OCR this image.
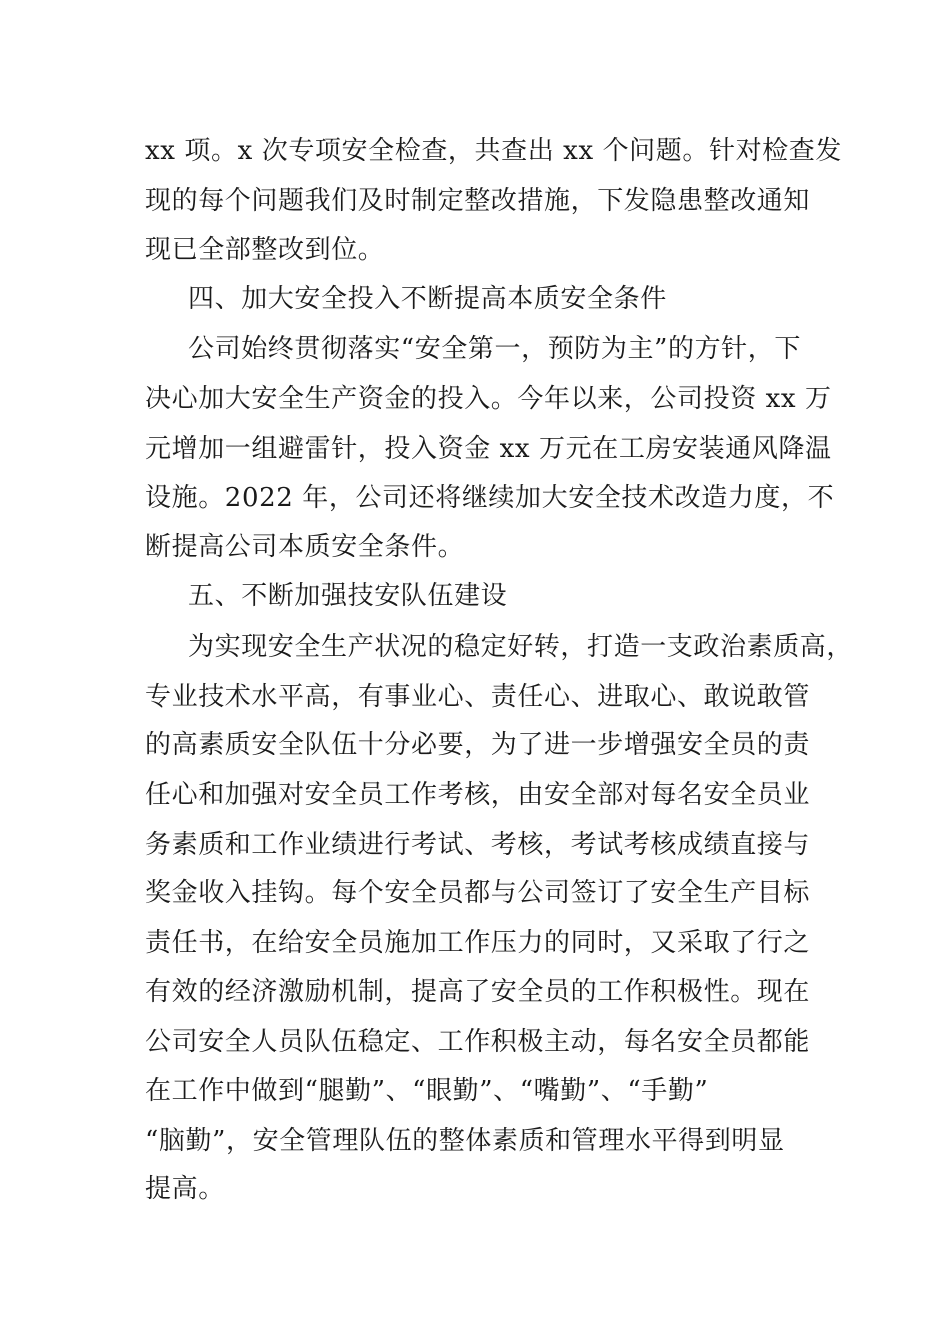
xx 项。x 次专项安全检查，共查出 xx 个问题。针对检查发
现的每个问题我们及时制定整改措施，下发隐患整改通知
现已全部整改到位。
四、加大安全投入不断提高本质安全条件
公司始终贯彻落实“安全第一，预防为主”的方针，下
决心加大安全生产资金的投入。今年以来，公司投资 xx 万
元增加一组避雷针，投入资金 xx 万元在工房安装通风降温
设施。2022 年，公司还将继续加大安全技术改造力度，不
断提高公司本质安全条件。
五、不断加强技安队伍建设
为实现安全生产状况的稳定好转，打造一支政治素质高，
专业技术水平高，有事业心、责任心、进取心、敢说敢管
的高素质安全队伍十分必要，为了进一步增强安全员的责
任心和加强对安全员工作考核，由安全部对每名安全员业
务素质和工作业绩进行考试、考核，考试考核成绩直接与
奖金收入挂钩。每个安全员都与公司签订了安全生产目标
责任书，在给安全员施加工作压力的同时，又采取了行之
有效的经济激励机制，提高了安全员的工作积极性。现在
公司安全人员队伍稳定、工作积极主动，每名安全员都能
在工作中做到“腿勤”、“眼勤”、“嘴勤”、“手勤”
“脑勤”，安全管理队伍的整体素质和管理水平得到明显
提高。
